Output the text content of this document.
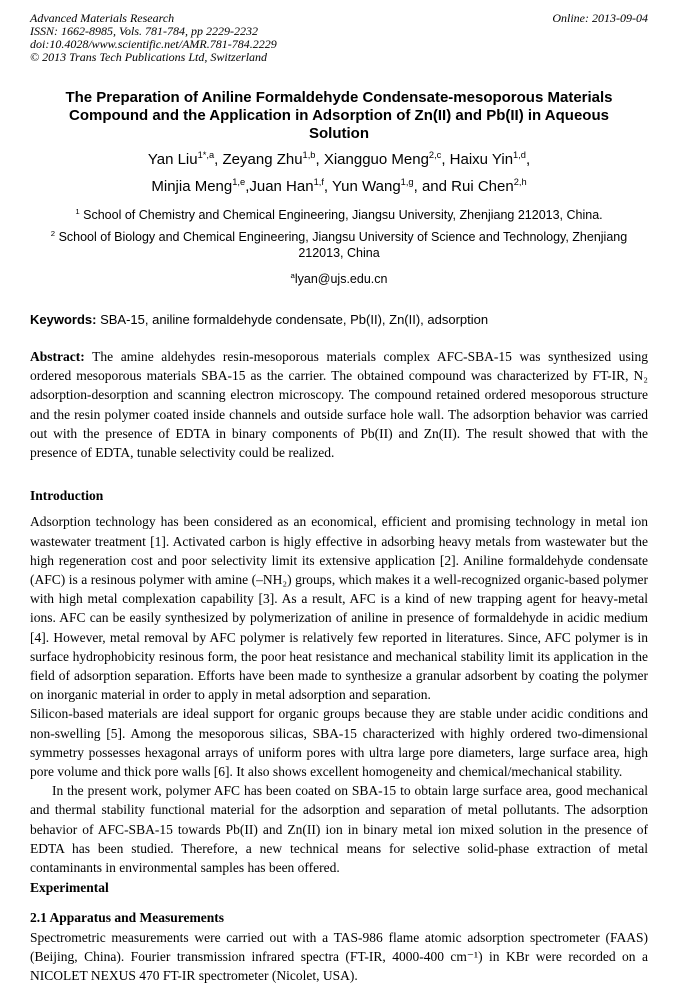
Advanced Materials Research
ISSN: 1662-8985, Vols. 781-784, pp 2229-2232
doi:10.4028/www.scientific.net/AMR.781-784.2229
© 2013 Trans Tech Publications Ltd, Switzerland
Online: 2013-09-04
The Preparation of Aniline Formaldehyde Condensate-mesoporous Materials Compound and the Application in Adsorption of Zn(II) and Pb(II) in Aqueous Solution
Yan Liu$^{1*,a}$, Zeyang Zhu$^{1,b}$, Xiangguo Meng$^{2,c}$, Haixu Yin$^{1,d}$,
Minjia Meng$^{1,e}$,Juan Han$^{1,f}$, Yun Wang$^{1,g}$, and Rui Chen$^{2,h}$
$^1$ School of Chemistry and Chemical Engineering, Jiangsu University, Zhenjiang 212013, China.
$^2$ School of Biology and Chemical Engineering, Jiangsu University of Science and Technology, Zhenjiang 212013, China
$^a$lyan@ujs.edu.cn
Keywords: SBA-15, aniline formaldehyde condensate, Pb(II), Zn(II), adsorption

Abstract: The amine aldehydes resin-mesoporous materials complex AFC-SBA-15 was synthesized using ordered mesoporous materials SBA-15 as the carrier. The obtained compound was characterized by FT-IR, N₂ adsorption-desorption and scanning electron microscopy. The compound retained ordered mesoporous structure and the resin polymer coated inside channels and outside surface hole wall. The adsorption behavior was carried out with the presence of EDTA in binary components of Pb(II) and Zn(II). The result showed that with the presence of EDTA, tunable selectivity could be realized.

Introduction

Adsorption technology has been considered as an economical, efficient and promising technology in metal ion wastewater treatment [1]. Activated carbon is higly effective in adsorbing heavy metals from wastewater but the high regeneration cost and poor selectivity limit its extensive application [2]. Aniline formaldehyde condensate (AFC) is a resinous polymer with amine (–NH₂) groups, which makes it a well-recognized organic-based polymer with high metal complexation capability [3]. As a result, AFC is a kind of new trapping agent for heavy-metal ions. AFC can be easily synthesized by polymerization of aniline in presence of formaldehyde in acidic medium [4]. However, metal removal by AFC polymer is relatively few reported in literatures. Since, AFC polymer is in surface hydrophobicity resinous form, the poor heat resistance and mechanical stability limit its application in the field of adsorption separation. Efforts have been made to synthesize a granular adsorbent by coating the polymer on inorganic material in order to apply in metal adsorption and separation.

Silicon-based materials are ideal support for organic groups because they are stable under acidic conditions and non-swelling [5]. Among the mesoporous silicas, SBA-15 characterized with highly ordered two-dimensional symmetry possesses hexagonal arrays of uniform pores with ultra large pore diameters, large surface area, high pore volume and thick pore walls [6]. It also shows excellent homogeneity and chemical/mechanical stability.

In the present work, polymer AFC has been coated on SBA-15 to obtain large surface area, good mechanical and thermal stability functional material for the adsorption and separation of metal pollutants. The adsorption behavior of AFC-SBA-15 towards Pb(II) and Zn(II) ion in binary metal ion mixed solution in the presence of EDTA has been studied. Therefore, a new technical means for selective solid-phase extraction of metal contaminants in environmental samples has been offered.

Experimental
2.1 Apparatus and Measurements

Spectrometric measurements were carried out with a TAS-986 flame atomic adsorption spectrometer (FAAS) (Beijing, China). Fourier transmission infrared spectra (FT-IR, 4000-400 cm⁻¹) in KBr were recorded on a NICOLET NEXUS 470 FT-IR spectrometer (Nicolet, USA).
